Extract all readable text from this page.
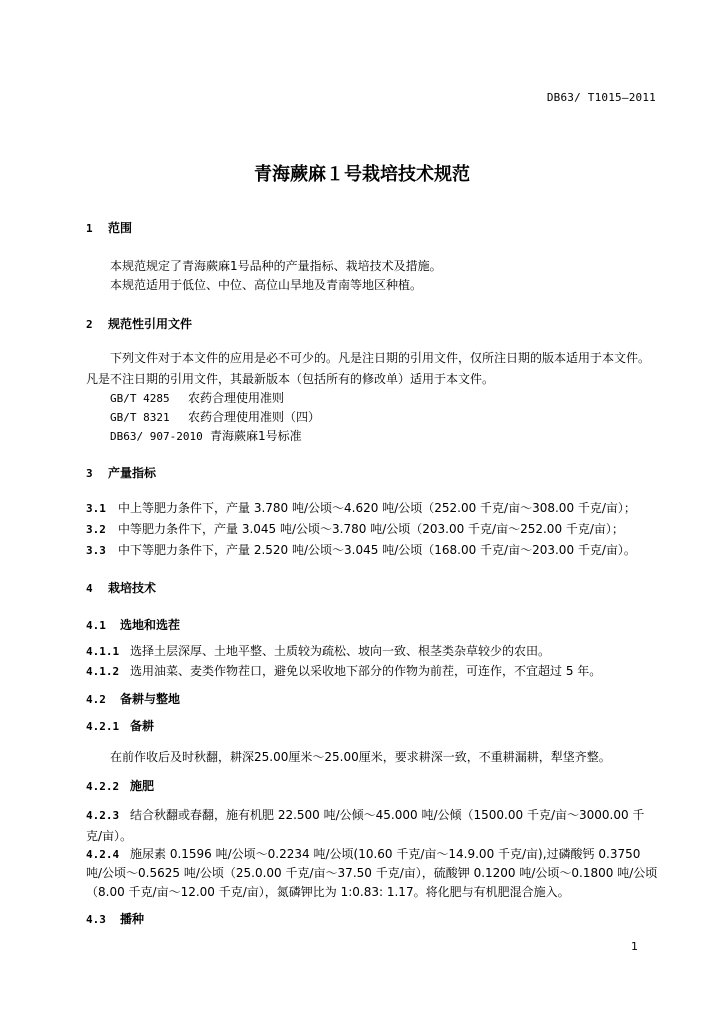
DB63/ T1015—2011
青海蕨麻１号栽培技术规范
1 范围
本规范规定了青海蕨麻1号品种的产量指标、栽培技术及措施。
本规范适用于低位、中位、高位山旱地及青南等地区种植。
2 规范性引用文件
下列文件对于本文件的应用是必不可少的。凡是注日期的引用文件，仅所注日期的版本适用于本文件。凡是不注日期的引用文件，其最新版本（包括所有的修改单）适用于本文件。
GB/T 4285 农药合理使用准则
GB/T 8321 农药合理使用准则（四）
DB63/ 907-2010 青海蕨麻1号标准
3 产量指标
3.1 中上等肥力条件下，产量 3.780 吨/公顷～4.620 吨/公顷（252.00 千克/亩～308.00 千克/亩）；
3.2 中等肥力条件下，产量 3.045 吨/公顷～3.780 吨/公顷（203.00 千克/亩～252.00 千克/亩）；
3.3 中下等肥力条件下，产量 2.520 吨/公顷～3.045 吨/公顷（168.00 千克/亩～203.00 千克/亩）。
4 栽培技术
4.1 选地和选茬
4.1.1 选择土层深厚、土地平整、土质较为疏松、坡向一致、根茎类杂草较少的农田。
4.1.2 选用油菜、麦类作物茬口，避免以采收地下部分的作物为前茬，可连作，不宜超过 5 年。
4.2 备耕与整地
4.2.1 备耕
在前作收后及时秋翻，耕深25.00厘米～25.00厘米，要求耕深一致，不重耕漏耕，犁垡齐整。
4.2.2 施肥
4.2.3 结合秋翻或春翻，施有机肥 22.500 吨/公倾～45.000 吨/公倾（1500.00 千克/亩～3000.00 千克/亩）。
4.2.4 施尿素 0.1596 吨/公顷～0.2234 吨/公顷(10.60 千克/亩～14.9.00 千克/亩),过磷酸钙 0.3750 吨/公顷～0.5625 吨/公顷（25.0.00 千克/亩～37.50 千克/亩），硫酸钾 0.1200 吨/公顷～0.1800 吨/公顷（8.00 千克/亩～12.00 千克/亩），氮磷钾比为 1:0.83: 1.17。将化肥与有机肥混合施入。
4.3 播种
1
